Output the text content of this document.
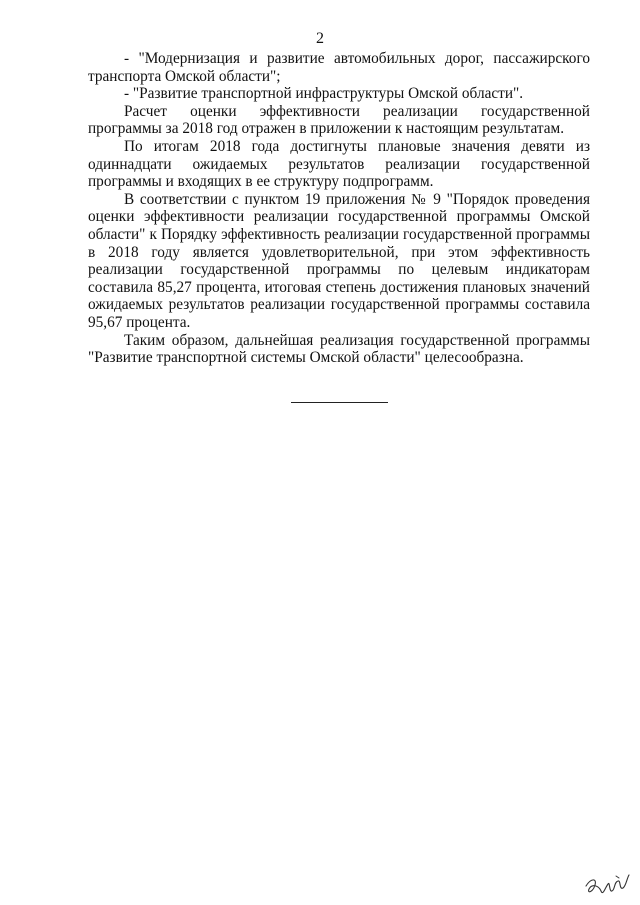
2

- "Модернизация и развитие автомобильных дорог, пассажирского транспорта Омской области";

- "Развитие транспортной инфраструктуры Омской области".

Расчет оценки эффективности реализации государственной программы за 2018 год отражен в приложении к настоящим результатам.

По итогам 2018 года достигнуты плановые значения девяти из одиннадцати ожидаемых результатов реализации государственной программы и входящих в ее структуру подпрограмм.

В соответствии с пунктом 19 приложения № 9 "Порядок проведения оценки эффективности реализации государственной программы Омской области" к Порядку эффективность реализации государственной программы в 2018 году является удовлетворительной, при этом эффективность реализации государственной программы по целевым индикаторам составила 85,27 процента, итоговая степень достижения плановых значений ожидаемых результатов реализации государственной программы составила 95,67 процента.

Таким образом, дальнейшая реализация государственной программы "Развитие транспортной системы Омской области" целесообразна.
